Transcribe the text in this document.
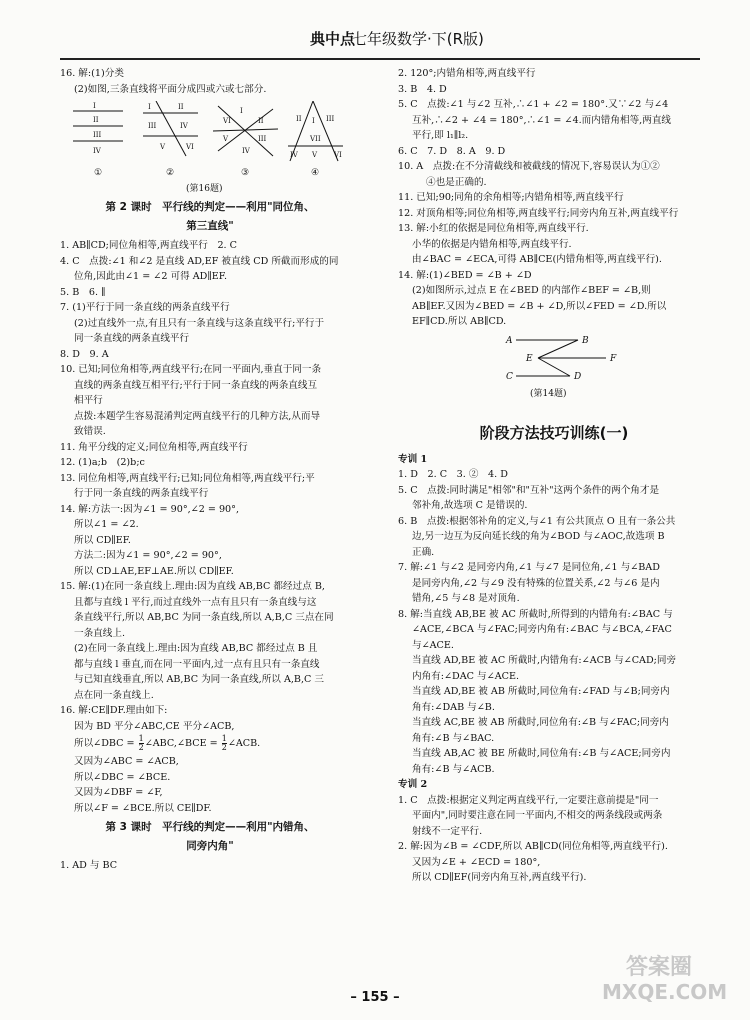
典中点
七年级数学·下(R版)
16. 解:(1)分类
(2)如图,三条直线将平面分成四或六或七部分.
I
II
III
IV
I	II
III	IV
V	VI
I
II
III
IV
V
VI	I
II	III
IV V VI
VII
①	②	③	④
(第16题)
第 2 课时　平行线的判定——利用"同位角、
第三直线"
1. AB∥CD;同位角相等,两直线平行　2. C
4. C　点拨:∠1 和∠2 是直线 AD,EF 被直线 CD 所截而形成的同
位角,因此由∠1 = ∠2 可得 AD∥EF.
5. B　6. ∥
7. (1)平行于同一条直线的两条直线平行
(2)过直线外一点,有且只有一条直线与这条直线平行;平行于
同一条直线的两条直线平行
8. D　9. A
10. 已知;同位角相等,两直线平行;在同一平面内,垂直于同一条
直线的两条直线互相平行;平行于同一条直线的两条直线互
相平行
点拨:本题学生容易混淆判定两直线平行的几种方法,从而导
致错误.
11. 角平分线的定义;同位角相等,两直线平行
12. (1)a;b　(2)b;c
13. 同位角相等,两直线平行;已知;同位角相等,两直线平行;平
行于同一条直线的两条直线平行
14. 解:方法一:因为∠1 = 90°,∠2 = 90°,
所以∠1 = ∠2.
所以 CD∥EF.
方法二:因为∠1 = 90°,∠2 = 90°,
所以 CD⊥AE,EF⊥AE.所以 CD∥EF.
15. 解:(1)在同一条直线上.理由:因为直线 AB,BC 都经过点 B,
且都与直线 l 平行,而过直线外一点有且只有一条直线与这
条直线平行,所以 AB,BC 为同一条直线,所以 A,B,C 三点在同
一条直线上.
(2)在同一条直线上.理由:因为直线 AB,BC 都经过点 B 且
都与直线 l 垂直,而在同一平面内,过一点有且只有一条直线
与已知直线垂直,所以 AB,BC 为同一条直线,所以 A,B,C 三
点在同一条直线上.
16. 解:CE∥DF.理由如下:
因为 BD 平分∠ABC,CE 平分∠ACB,
所以∠DBC = $\frac{1}{2}$ ∠ABC,∠BCE = $\frac{1}{2}$ ∠ACB.
又因为∠ABC = ∠ACB,
所以∠DBC = ∠BCE.
又因为∠DBF = ∠F,
所以∠F = ∠BCE.所以 CE∥DF.
第 3 课时　平行线的判定——利用"内错角、
同旁内角"
1. AD 与 BC
2. 120°;内错角相等,两直线平行
3. B　4. D
5. C　点拨:∠1 与∠2 互补,∴∠1 + ∠2 = 180°.又∵∠2 与∠4
互补,∴∠2 + ∠4 = 180°,∴∠1 = ∠4.而内错角相等,两直线
平行,即 l₁∥l₂.
6. C　7. D　8. A　9. D
10. A　点拨:在不分清截线和被截线的情况下,容易误认为①②
④也是正确的.
11. 已知;90;同角的余角相等;内错角相等,两直线平行
12. 对顶角相等;同位角相等,两直线平行;同旁内角互补,两直线平行
13. 解:小红的依据是同位角相等,两直线平行.
小华的依据是内错角相等,两直线平行.
由∠BAC = ∠ECA,可得 AB∥CE(内错角相等,两直线平行).
14. 解:(1)∠BED = ∠B + ∠D
(2)如图所示,过点 E 在∠BED 的内部作∠BEF = ∠B,则
AB∥EF.又因为∠BED = ∠B + ∠D,所以∠FED = ∠D.所以
EF∥CD.所以 AB∥CD.
A	B
E	F
C	D
(第14题)
阶段方法技巧训练(一)
专训 1
1. D　2. C　3. ②　4. D
5. C　点拨:同时满足"相邻"和"互补"这两个条件的两个角才是
邻补角,故选项 C 是错误的.
6. B　点拨:根据邻补角的定义,与∠1 有公共顶点 O 且有一条公共
边,另一边互为反向延长线的角为∠BOD 与∠AOC,故选项 B
正确.
7. 解:∠1 与∠2 是同旁内角,∠1 与∠7 是同位角,∠1 与∠BAD
是同旁内角,∠2 与∠9 没有特殊的位置关系,∠2 与∠6 是内
错角,∠5 与∠8 是对顶角.
8. 解:当直线 AB,BE 被 AC 所截时,所得到的内错角有:∠BAC 与
∠ACE,∠BCA 与∠FAC;同旁内角有:∠BAC 与∠BCA,∠FAC
与∠ACE.
当直线 AD,BE 被 AC 所截时,内错角有:∠ACB 与∠CAD;同旁
内角有:∠DAC 与∠ACE.
当直线 AD,BE 被 AB 所截时,同位角有:∠FAD 与∠B;同旁内
角有:∠DAB 与∠B.
当直线 AC,BE 被 AB 所截时,同位角有:∠B 与∠FAC;同旁内
角有:∠B 与∠BAC.
当直线 AB,AC 被 BE 所截时,同位角有:∠B 与∠ACE;同旁内
角有:∠B 与∠ACB.
专训 2
1. C　点拨:根据定义判定两直线平行,一定要注意前提是"同一
平面内",同时要注意在同一平面内,不相交的两条线段或两条
射线不一定平行.
2. 解:因为∠B = ∠CDF,所以 AB∥CD(同位角相等,两直线平行).
又因为∠E + ∠ECD = 180°,
所以 CD∥EF(同旁内角互补,两直线平行).
答案圈
MXQE.COM
– 155 –
